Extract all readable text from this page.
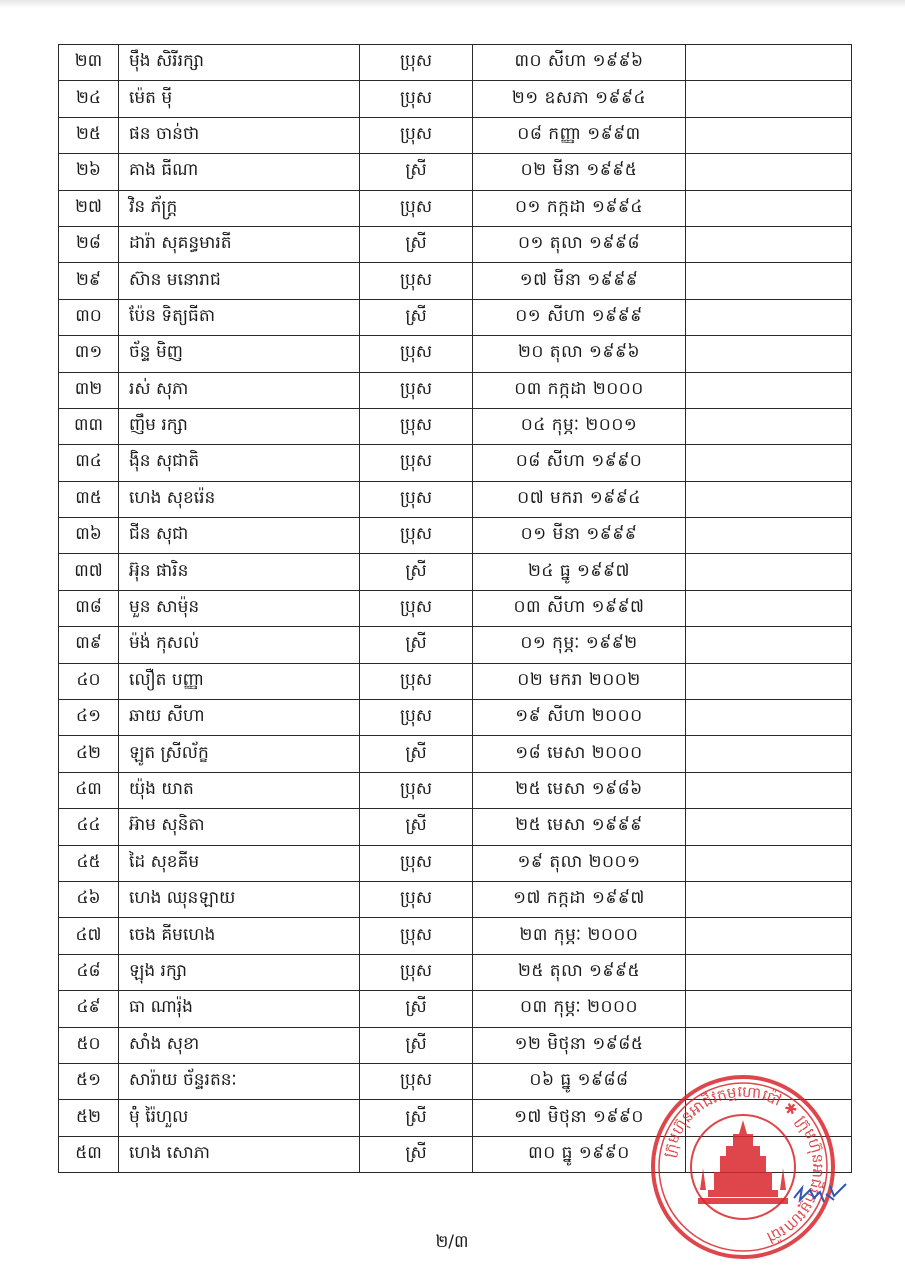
២៣	ម៉ឹង សិរីរក្សា	ប្រុស	៣០ សីហា ១៩៩៦	
២៤	ម៉េត ម៉ី	ប្រុស	២១ ឧសភា ១៩៩៤	
២៥	ផន ចាន់ថា	ប្រុស	០៨ កញ្ញា ១៩៩៣	
២៦	គាង ធីណា	ស្រី	០២ មីនា ១៩៩៥	
២៧	វិន ភ័ក្ត្រ	ប្រុស	០១ កក្កដា ១៩៩៤	
២៨	ដារ៉ា សុគន្ធមារតី	ស្រី	០១ តុលា ១៩៩៨	
២៩	ស៊ាន មនោរាជ	ប្រុស	១៧ មីនា ១៩៩៩	
៣០	ប៉ែន ទិត្យធីតា	ស្រី	០១ សីហា ១៩៩៩	
៣១	ច័ន្ទ មិញ	ប្រុស	២០ តុលា ១៩៩៦	
៣២	រស់ សុភា	ប្រុស	០៣ កក្កដា ២០០០	
៣៣	ញឹម រក្សា	ប្រុស	០៤ កុម្ភៈ ២០០១	
៣៤	ង៉ិន សុជាតិ	ប្រុស	០៨ សីហា ១៩៩០	
៣៥	ហេង សុខរ៉េន	ប្រុស	០៧ មករា ១៩៩៤	
៣៦	ជីន សុជា	ប្រុស	០១ មីនា ១៩៩៩	
៣៧	អ៊ុន ផារិន	ស្រី	២៤ ធ្នូ ១៩៩៧	
៣៨	មួន សាម៉ុន	ប្រុស	០៣ សីហា ១៩៩៧	
៣៩	ម៉ង់ កុសល់	ស្រី	០១ កុម្ភៈ ១៩៩២	
៤០	លឿត បញ្ញា	ប្រុស	០២ មករា ២០០២	
៤១	ឆាយ សីហា	ប្រុស	១៩ សីហា ២០០០	
៤២	ឡូត ស្រីល័ក្ខ	ស្រី	១៨ មេសា ២០០០	
៤៣	យ៉ុង យាត	ប្រុស	២៥ មេសា ១៩៨៦	
៤៤	អ៊ាម សុនិតា	ស្រី	២៥ មេសា ១៩៩៩	
៤៥	ដៃ សុខគីម	ប្រុស	១៩ តុលា ២០០១	
៤៦	ហេង ឈុនឡាយ	ប្រុស	១៧ កក្កដា ១៩៩៧	
៤៧	ចេង គីមហេង	ប្រុស	២៣ កុម្ភៈ ២០០០	
៤៨	ឡុង រក្សា	ប្រុស	២៥ តុលា ១៩៩៥	
៤៩	ធា ណារ៉ុង	ស្រី	០៣ កុម្ភៈ ២០០០	
៥០	សាំង សុខា	ស្រី	១២ មិថុនា ១៩៨៥	
៥១	សារ៉ាយ ច័ន្ទរតនៈ	ប្រុស	០៦ ធ្នូ ១៩៨៨	
៥២	ម៉ុំ រ៉ៃហួល	ស្រី	១៧ មិថុនា ១៩៩០	
៥៣	ហេង សោភា	ស្រី	៣០ ធ្នូ ១៩៩០	
២/៣
ក្រុមហ៊ុនអាជីវកម្មហោប៉ៅ ✱ ក្រុមហ៊ុនអាជីវកម្មហោប៉ៅ
